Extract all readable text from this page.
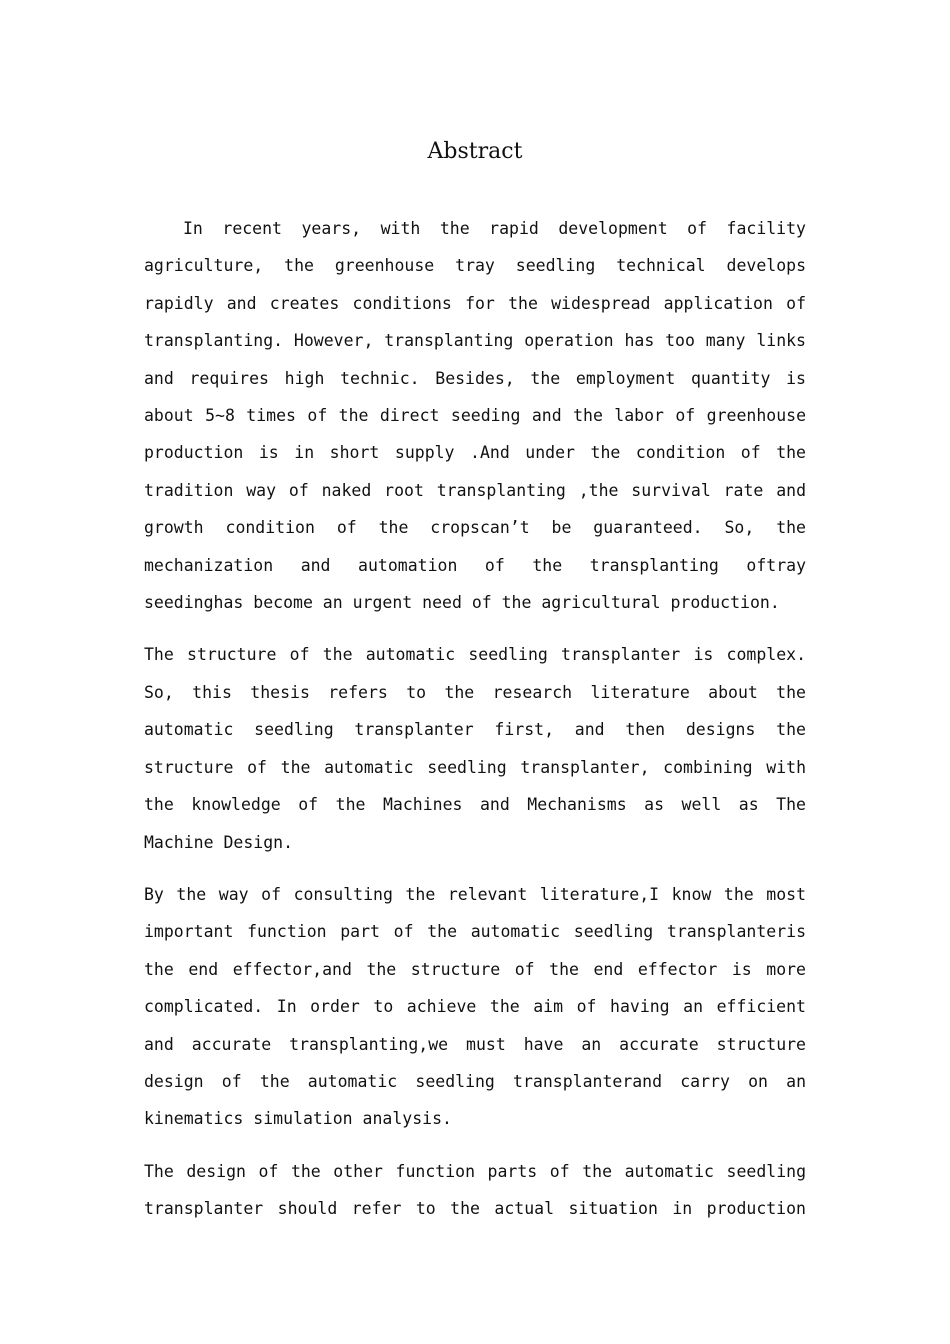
Abstract

In recent years, with the rapid development of facility agriculture, the greenhouse tray seedling technical develops rapidly and creates conditions for the widespread application of transplanting. However, transplanting operation has too many links and requires high technic. Besides, the employment quantity is about 5~8 times of the direct seeding and the labor of greenhouse production is in short supply .And under the condition of the tradition way of naked root transplanting ,the survival rate and growth condition of the cropscan’t be guaranteed. So, the mechanization and automation of the transplanting oftray seedinghas become an urgent need of the agricultural production.

The structure of the automatic seedling transplanter is complex. So, this thesis refers to the research literature about the automatic seedling transplanter first, and then designs the structure of the automatic seedling transplanter, combining with the knowledge of the Machines and Mechanisms as well as The Machine Design.

By the way of consulting the relevant literature,I know the most important function part of the automatic seedling transplanteris the end effector,and the structure of the end effector is more complicated. In order to achieve the aim of having an efficient and accurate transplanting,we must have an accurate structure design of the automatic seedling transplanterand carry on an kinematics simulation analysis.

The design of the other function parts of the automatic seedling transplanter should refer to the actual situation in production
